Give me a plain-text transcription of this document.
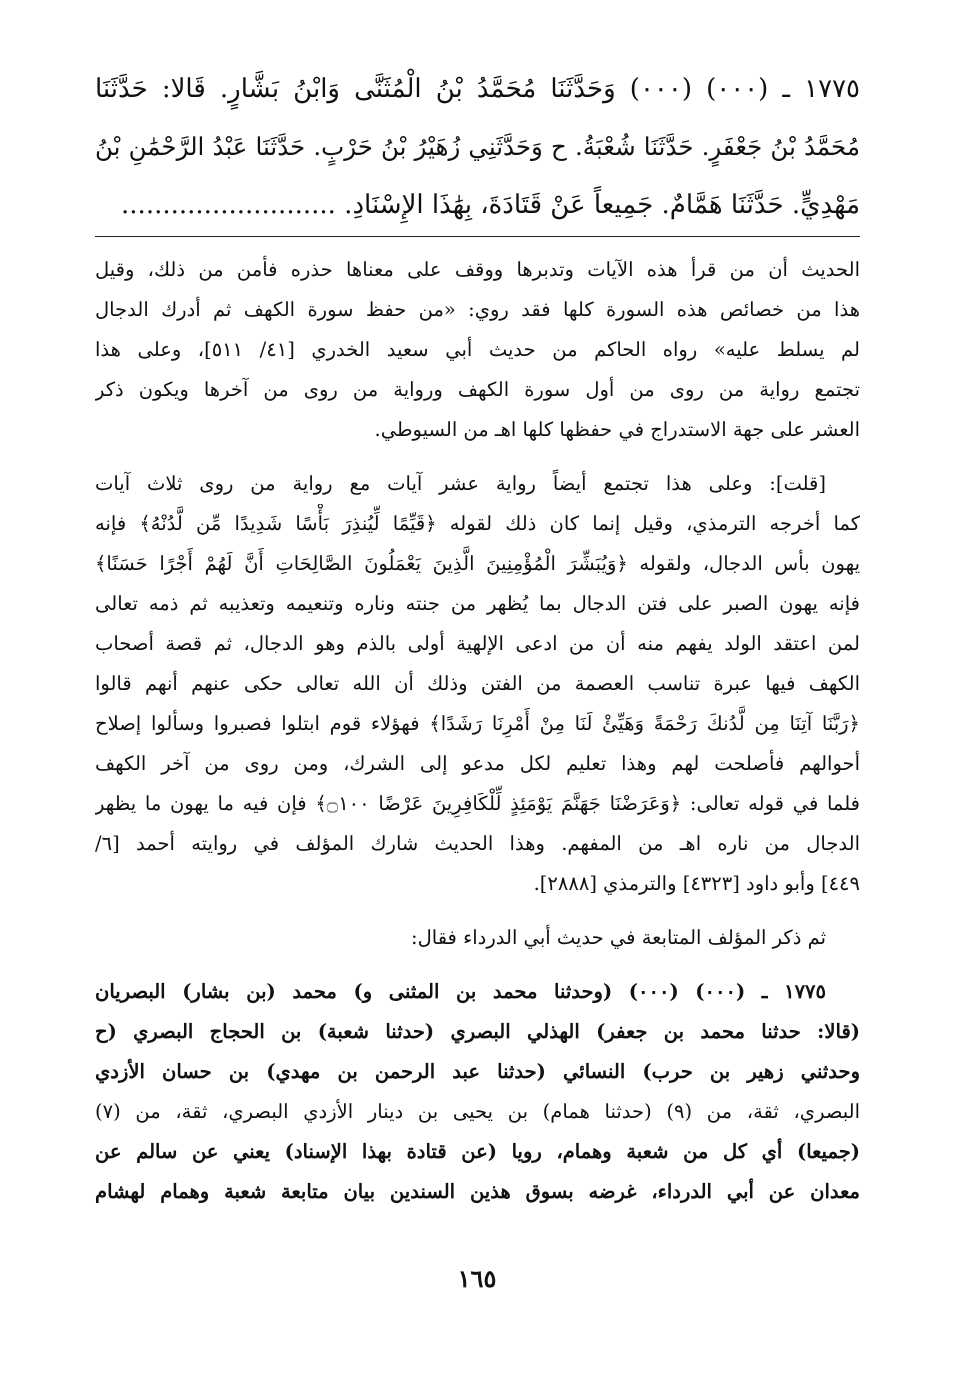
١٧٧٥ ـ (٠٠٠) (٠٠٠) وَحَدَّثَنَا مُحَمَّدُ بْنُ الْمُثَنَّى وَابْنُ بَشَّارٍ. قَالا: حَدَّثَنَا
مُحَمَّدُ بْنُ جَعْفَرٍ. حَدَّثَنَا شُعْبَةُ. ح وَحَدَّثَنِي زُهَيْرُ بْنُ حَرْبٍ. حَدَّثَنَا عَبْدُ الرَّحْمَٰنِ بْنُ
مَهْدِيٍّ. حَدَّثَنَا هَمَّامٌ. جَمِيعاً عَنْ قَتَادَةَ، بِهَٰذَا الإِسْنَادِ. ..........................
الحديث أن من قرأ هذه الآيات وتدبرها ووقف على معناها حذره فأمن من ذلك، وقيل
هذا من خصائص هذه السورة كلها فقد روي: «من حفظ سورة الكهف ثم أدرك الدجال
لم يسلط عليه» رواه الحاكم من حديث أبي سعيد الخدري [٤١/ ٥١١]، وعلى هذا
تجتمع رواية من روى من أول سورة الكهف ورواية من روى من آخرها ويكون ذكر
العشر على جهة الاستدراج في حفظها كلها اهـ من السيوطي.
[قلت]: وعلى هذا تجتمع أيضاً رواية عشر آيات مع رواية من روى ثلاث آيات
كما أخرجه الترمذي، وقيل إنما كان ذلك لقوله ﴿قَيِّمًا لِّيُنذِرَ بَأْسًا شَدِيدًا مِّن لَّدُنْهُ﴾ فإنه
يهون بأس الدجال، ولقوله ﴿وَيُبَشِّرَ الْمُؤْمِنِينَ الَّذِينَ يَعْمَلُونَ الصَّالِحَاتِ أَنَّ لَهُمْ أَجْرًا حَسَنًا﴾
فإنه يهون الصبر على فتن الدجال بما يُظهر من جنته وناره وتنعيمه وتعذيبه ثم ذمه تعالى
لمن اعتقد الولد يفهم منه أن من ادعى الإلهية أولى بالذم وهو الدجال، ثم قصة أصحاب
الكهف فيها عبرة تناسب العصمة من الفتن وذلك أن الله تعالى حكى عنهم أنهم قالوا
﴿رَبَّنَا آتِنَا مِن لَّدُنكَ رَحْمَةً وَهَيِّئْ لَنَا مِنْ أَمْرِنَا رَشَدًا﴾ فهؤلاء قوم ابتلوا فصبروا وسألوا إصلاح
أحوالهم فأصلحت لهم وهذا تعليم لكل مدعو إلى الشرك، ومن روى من آخر الكهف
فلما في قوله تعالى: ﴿وَعَرَضْنَا جَهَنَّمَ يَوْمَئِذٍ لِّلْكَافِرِينَ عَرْضًا ۝١٠٠﴾ فإن فيه ما يهون ما يظهر
الدجال من ناره اهـ من المفهم. وهذا الحديث شارك المؤلف في روايته أحمد [٦/
٤٤٩] وأبو داود [٤٣٢٣] والترمذي [٢٨٨٨].
ثم ذكر المؤلف المتابعة في حديث أبي الدرداء فقال:
١٧٧٥ ـ (٠٠٠) (٠٠٠) (وحدثنا محمد بن المثنى و) محمد (بن بشار) البصريان
(قالا: حدثنا محمد بن جعفر) الهذلي البصري (حدثنا شعبة) بن الحجاج البصري (ح
وحدثني زهير بن حرب) النسائي (حدثنا عبد الرحمن بن مهدي) بن حسان الأزدي
البصري، ثقة، من (٩) (حدثنا همام) بن يحيى بن دينار الأزدي البصري، ثقة، من (٧)
(جميعا) أي كل من شعبة وهمام، رويا (عن قتادة بهذا الإسناد) يعني عن سالم عن
معدان عن أبي الدرداء، غرضه بسوق هذين السندين بيان متابعة شعبة وهمام لهشام
١٦٥
